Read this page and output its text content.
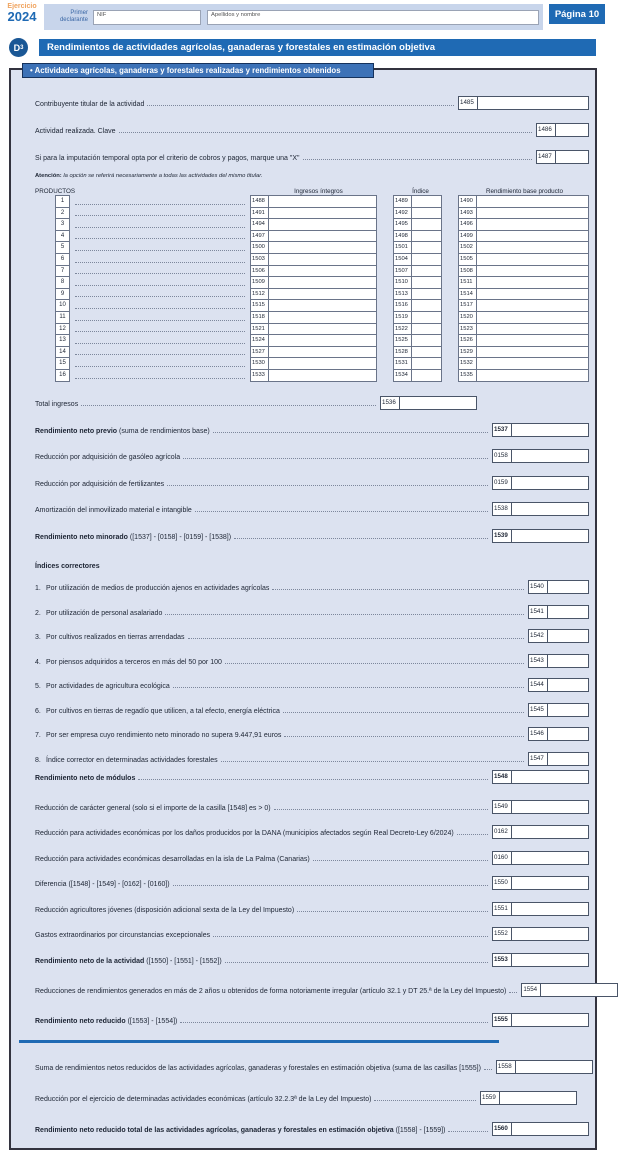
Ejercicio
2024	Primer declarante
NIF	Apellidos y nombre	Página 10
D 3	Rendimientos de actividades agrícolas, ganaderas y forestales en estimación objetiva
• Actividades agrícolas, ganaderas y forestales realizadas y rendimientos obtenidos
Contribuyente titular de la actividad	1485
Actividad realizada. Clave	1486
Si para la imputación temporal opta por el criterio de cobros y pagos, marque una "X"	1487
Atención: la opción se referirá necesariamente a todas las actividades del mismo titular.
PRODUCTOS	Ingresos íntegros	Índice	Rendimiento base producto
1	1488	1489	1490
2	1491	1492	1493
3	1494	1495	1496
4	1497	1498	1499
5	1500	1501	1502
6	1503	1504	1505
7	1506	1507	1508
8	1509	1510	1511
9	1512	1513	1514
10	1515	1516	1517
11	1518	1519	1520
12	1521	1522	1523
13	1524	1525	1526
14	1527	1528	1529
15	1530	1531	1532
16	1533	1534	1535
Total ingresos	1536
Rendimiento neto previo (suma de rendimientos base)	1537
Reducción por adquisición de gasóleo agrícola	0158
Reducción por adquisición de fertilizantes	0159
Amortización del inmovilizado material e intangible	1538
Rendimiento neto minorado ([1537] - [0158] - [0159] - [1538])	1539
Índices correctores
1. Por utilización de medios de producción ajenos en actividades agrícolas	1540
2. Por utilización de personal asalariado	1541
3. Por cultivos realizados en tierras arrendadas	1542
4. Por piensos adquiridos a terceros en más del 50 por 100	1543
5. Por actividades de agricultura ecológica	1544
6. Por cultivos en tierras de regadío que utilicen, a tal efecto, energía eléctrica	1545
7. Por ser empresa cuyo rendimiento neto minorado no supera 9.447,91 euros	1546
8. Índice corrector en determinadas actividades forestales	1547
Rendimiento neto de módulos	1548
Reducción de carácter general (solo si el importe de la casilla [1548] es > 0)	1549
Reducción para actividades económicas por los daños producidos por la DANA (municipios afectados según Real Decreto-Ley 6/2024)	0162
Reducción para actividades económicas desarrolladas en la isla de La Palma (Canarias)	0160
Diferencia ([1548] - [1549] - [0162] - [0160])	1550
Reducción agricultores jóvenes (disposición adicional sexta de la Ley del Impuesto)	1551
Gastos extraordinarios por circunstancias excepcionales	1552
Rendimiento neto de la actividad ([1550] - [1551] - [1552])	1553
Reducciones de rendimientos generados en más de 2 años u obtenidos de forma notoriamente irregular (artículo 32.1 y DT 25.ª de la Ley del Impuesto)	1554
Rendimiento neto reducido ([1553] - [1554])	1555
Suma de rendimientos netos reducidos de las actividades agrícolas, ganaderas y forestales en estimación objetiva (suma de las casillas [1555])	1558
Reducción por el ejercicio de determinadas actividades económicas (artículo 32.2.3ª de la Ley del Impuesto)	1559
Rendimiento neto reducido total de las actividades agrícolas, ganaderas y forestales en estimación objetiva ([1558] - [1559])	1560
